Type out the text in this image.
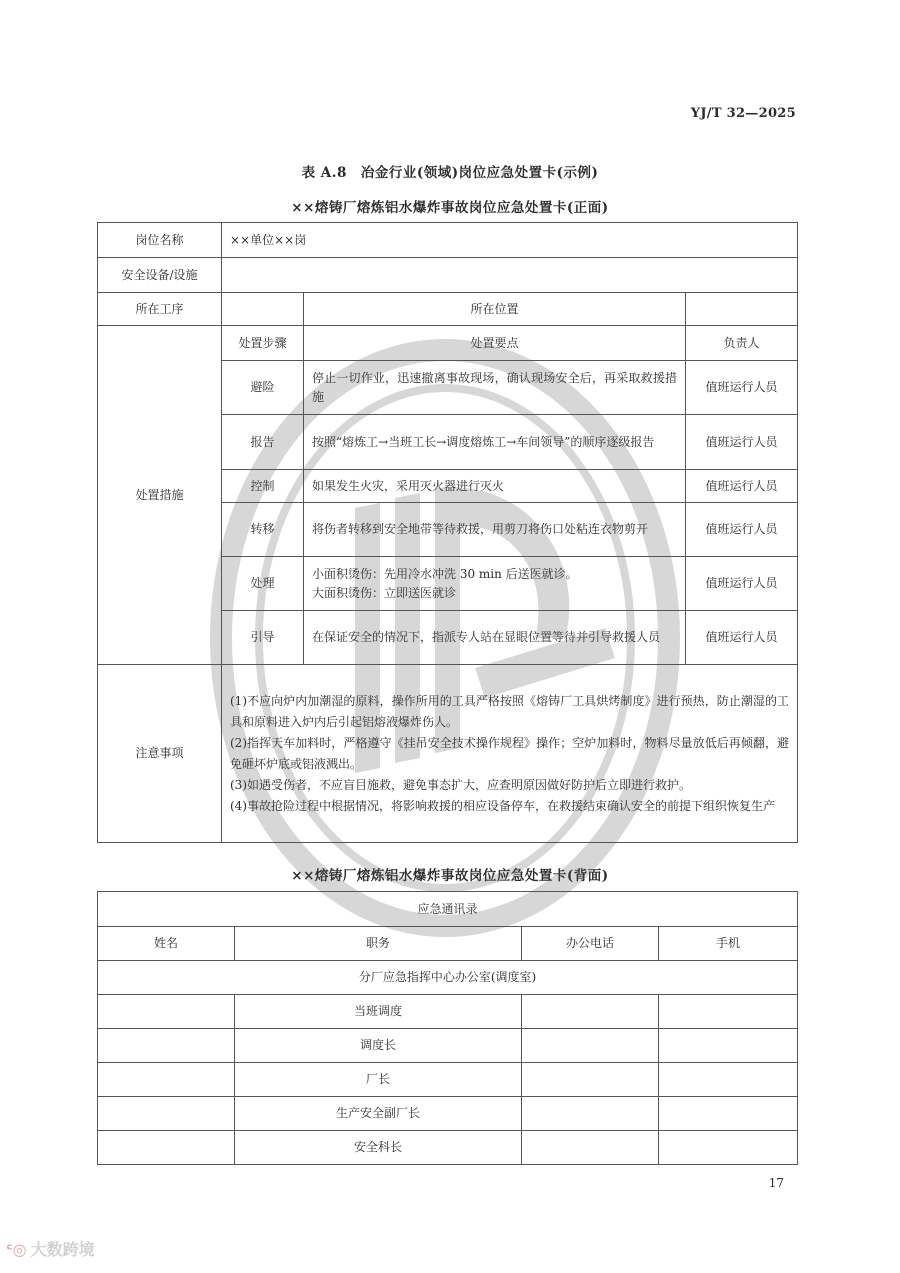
YJ/T 32—2025
表 A.8　冶金行业(领域)岗位应急处置卡(示例)
××熔铸厂熔炼铝水爆炸事故岗位应急处置卡(正面)
岗位名称	××单位××岗		
安全设备/设施			
所在工序		所在位置	
处置措施	处置步骤	处置要点	负责人
	避险	停止一切作业，迅速撤离事故现场，确认现场安全后，再采取救援措施	值班运行人员
	报告	按照“熔炼工→当班工长→调度熔炼工→车间领导”的顺序逐级报告	值班运行人员
	控制	如果发生火灾，采用灭火器进行灭火	值班运行人员
	转移	将伤者转移到安全地带等待救援，用剪刀将伤口处粘连衣物剪开	值班运行人员
	处理	小面积烫伤：先用冷水冲洗 30 min 后送医就诊。
大面积烫伤：立即送医就诊	值班运行人员
	引导	在保证安全的情况下，指派专人站在显眼位置等待并引导救援人员	值班运行人员
注意事项	(1)不应向炉内加潮湿的原料，操作所用的工具严格按照《熔铸厂工具烘烤制度》进行预热，防止潮湿的工具和原料进入炉内后引起铝熔液爆炸伤人。

(2)指挥天车加料时，严格遵守《挂吊安全技术操作规程》操作；空炉加料时，物料尽量放低后再倾翻，避免砸坏炉底或铝液溅出。

(3)如遇受伤者，不应盲目施救，避免事态扩大，应查明原因做好防护后立即进行救护。

(4)事故抢险过程中根据情况，将影响救援的相应设备停车，在救援结束确认安全的前提下组织恢复生产		

××熔铸厂熔炼铝水爆炸事故岗位应急处置卡(背面)
应急通讯录			
姓名	职务	办公电话	手机
分厂应急指挥中心办公室(调度室)			
	当班调度		
	调度长		
	厂长		
	生产安全副厂长		
	安全科长		
17
ᶜ◎ 大数跨境
